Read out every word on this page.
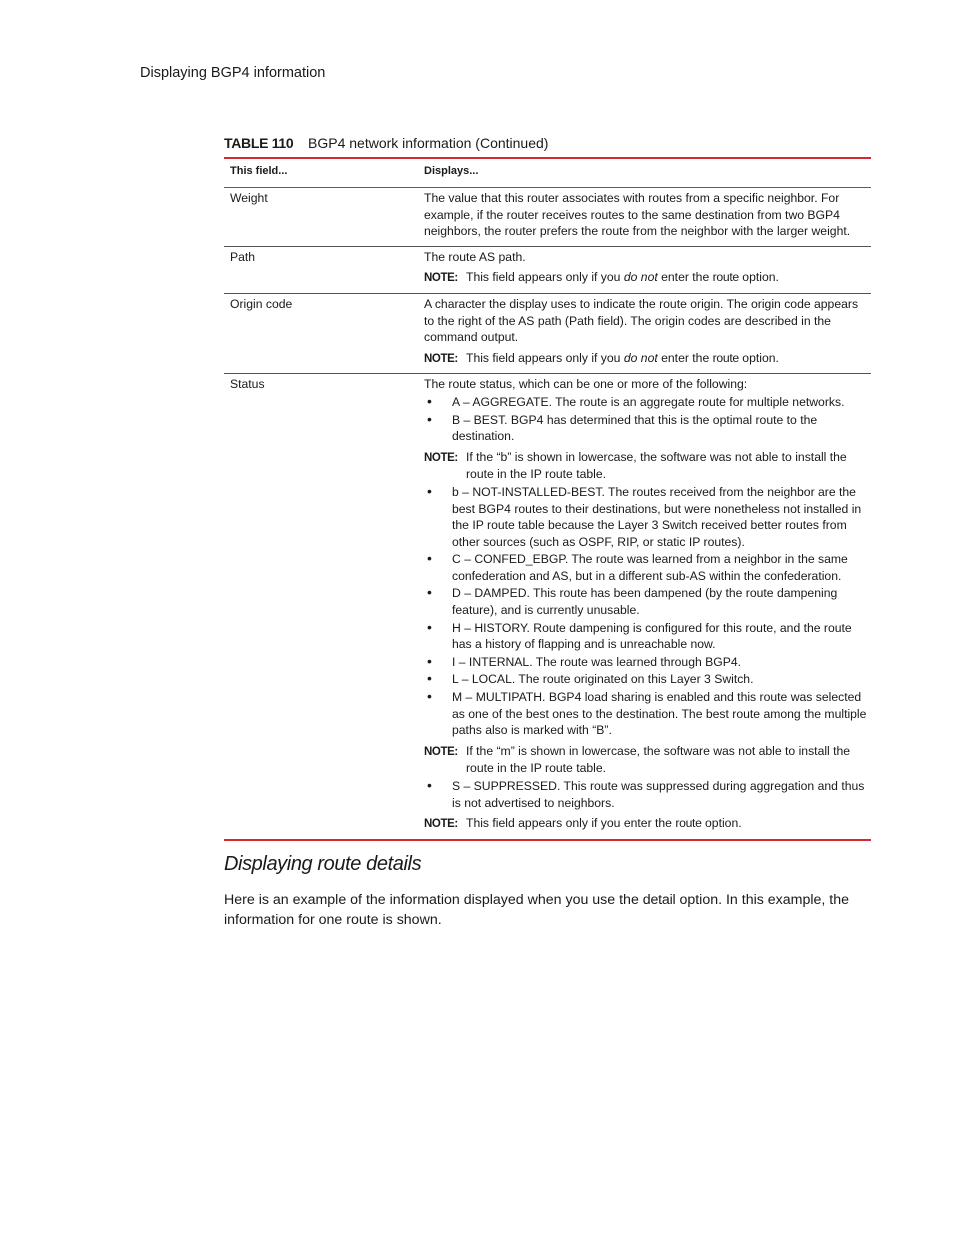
Displaying BGP4 information
TABLE 110 BGP4 network information (Continued)
This field...	Displays...
Weight	The value that this router associates with routes from a specific neighbor. For example, if the router receives routes to the same destination from two BGP4 neighbors, the router prefers the route from the neighbor with the larger weight.

Path	The route AS path.

NOTE: This field appears only if you do not enter the route option.

Origin code	A character the display uses to indicate the route origin. The origin code appears to the right of the AS path (Path field). The origin codes are described in the command output.

NOTE: This field appears only if you do not enter the route option.

Status	The route status, which can be one or more of the following:

• A – AGGREGATE. The route is an aggregate route for multiple networks.
• B – BEST. BGP4 has determined that this is the optimal route to the destination.

NOTE: If the “b” is shown in lowercase, the software was not able to install the route in the IP route table.

• b – NOT-INSTALLED-BEST. The routes received from the neighbor are the best BGP4 routes to their destinations, but were nonetheless not installed in the IP route table because the Layer 3 Switch received better routes from other sources (such as OSPF, RIP, or static IP routes).
• C – CONFED_EBGP. The route was learned from a neighbor in the same confederation and AS, but in a different sub-AS within the confederation.
• D – DAMPED. This route has been dampened (by the route dampening feature), and is currently unusable.
• H – HISTORY. Route dampening is configured for this route, and the route has a history of flapping and is unreachable now.
• I – INTERNAL. The route was learned through BGP4.
• L – LOCAL. The route originated on this Layer 3 Switch.
• M – MULTIPATH. BGP4 load sharing is enabled and this route was selected as one of the best ones to the destination. The best route among the multiple paths also is marked with “B”.

NOTE: If the “m” is shown in lowercase, the software was not able to install the route in the IP route table.

• S – SUPPRESSED. This route was suppressed during aggregation and thus is not advertised to neighbors.

NOTE: This field appears only if you enter the route option.

Displaying route details

Here is an example of the information displayed when you use the detail option. In this example, the information for one route is shown.
